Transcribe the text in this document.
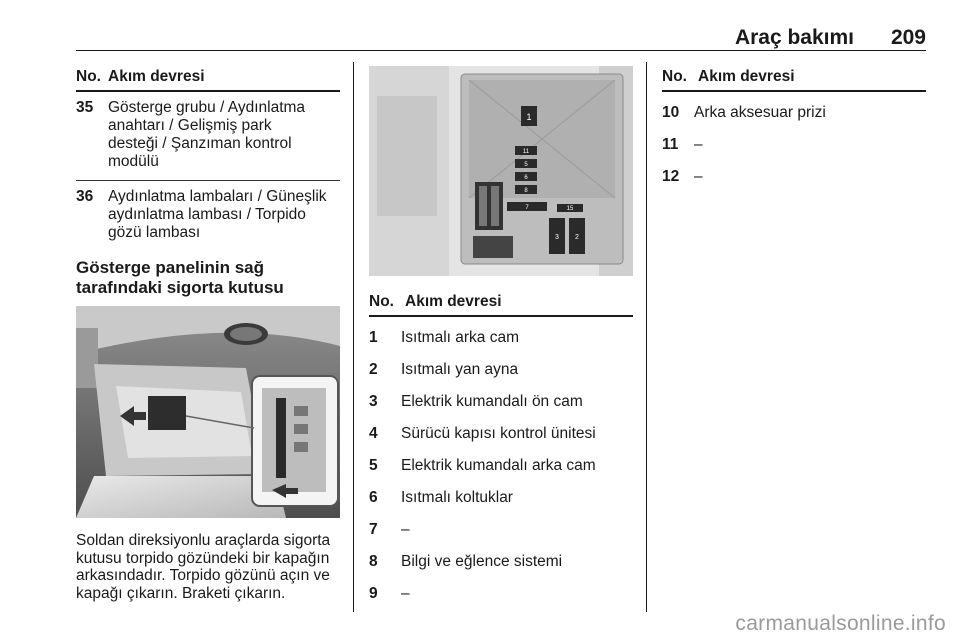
Araç bakımı 209
No.	Akım devresi
35	Gösterge grubu / Aydınlatma anahtarı / Gelişmiş park desteği / Şanzıman kontrol modülü
36	Aydınlatma lambaları / Güneşlik aydınlatma lambası / Torpido gözü lambası
Gösterge panelinin sağ tarafındaki sigorta kutusu
Soldan direksiyonlu araçlarda sigorta kutusu torpido gözündeki bir kapağın arkasındadır. Torpido gözünü açın ve kapağı çıkarın. Braketi çıkarın.
1
11
5
6
8
7	15
3 2
No.	Akım devresi
1	Isıtmalı arka cam
2	Isıtmalı yan ayna
3	Elektrik kumandalı ön cam
4	Sürücü kapısı kontrol ünitesi
5	Elektrik kumandalı arka cam
6	Isıtmalı koltuklar
7	–
8	Bilgi ve eğlence sistemi
9	–
No.	Akım devresi
10	Arka aksesuar prizi
11	–
12	–
carmanualsonline.info
